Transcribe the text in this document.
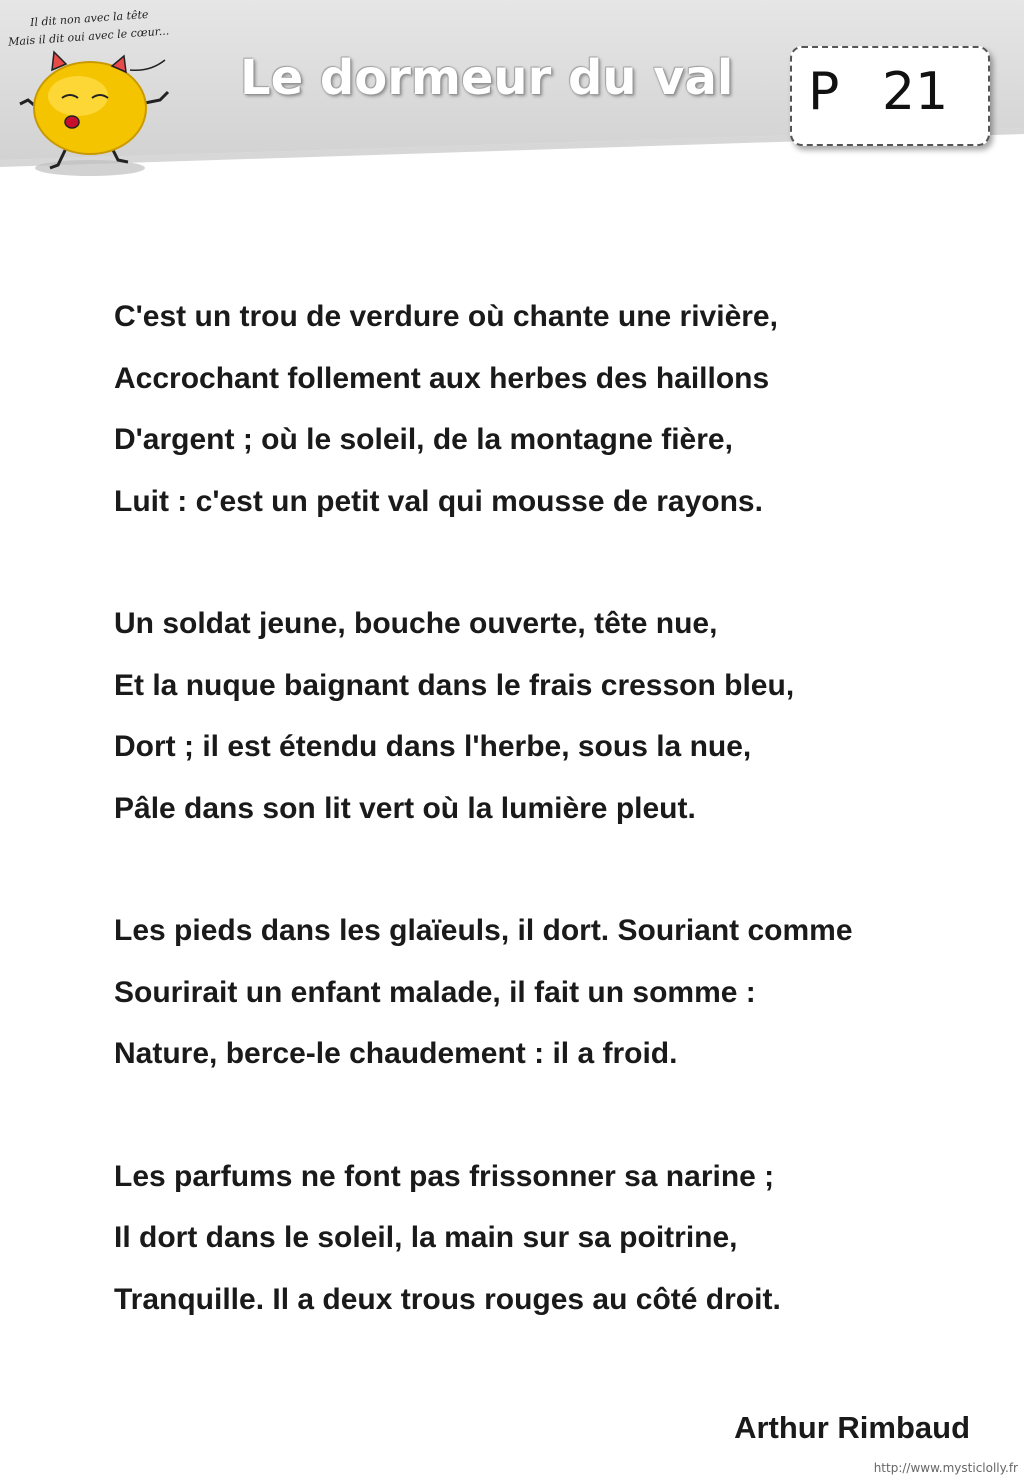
Il dit non avec la tête
Mais il dit oui avec le cœur...
Le dormeur du val P 21

C'est un trou de verdure où chante une rivière,

Accrochant follement aux herbes des haillons

D'argent ; où le soleil, de la montagne fière,

Luit : c'est un petit val qui mousse de rayons.

Un soldat jeune, bouche ouverte, tête nue,

Et la nuque baignant dans le frais cresson bleu,

Dort ; il est étendu dans l'herbe, sous la nue,

Pâle dans son lit vert où la lumière pleut.

Les pieds dans les glaïeuls, il dort. Souriant comme

Sourirait un enfant malade, il fait un somme :

Nature, berce-le chaudement : il a froid.

Les parfums ne font pas frissonner sa narine ;

Il dort dans le soleil, la main sur sa poitrine,

Tranquille. Il a deux trous rouges au côté droit.

Arthur Rimbaud
http://www.mysticlolly.fr
